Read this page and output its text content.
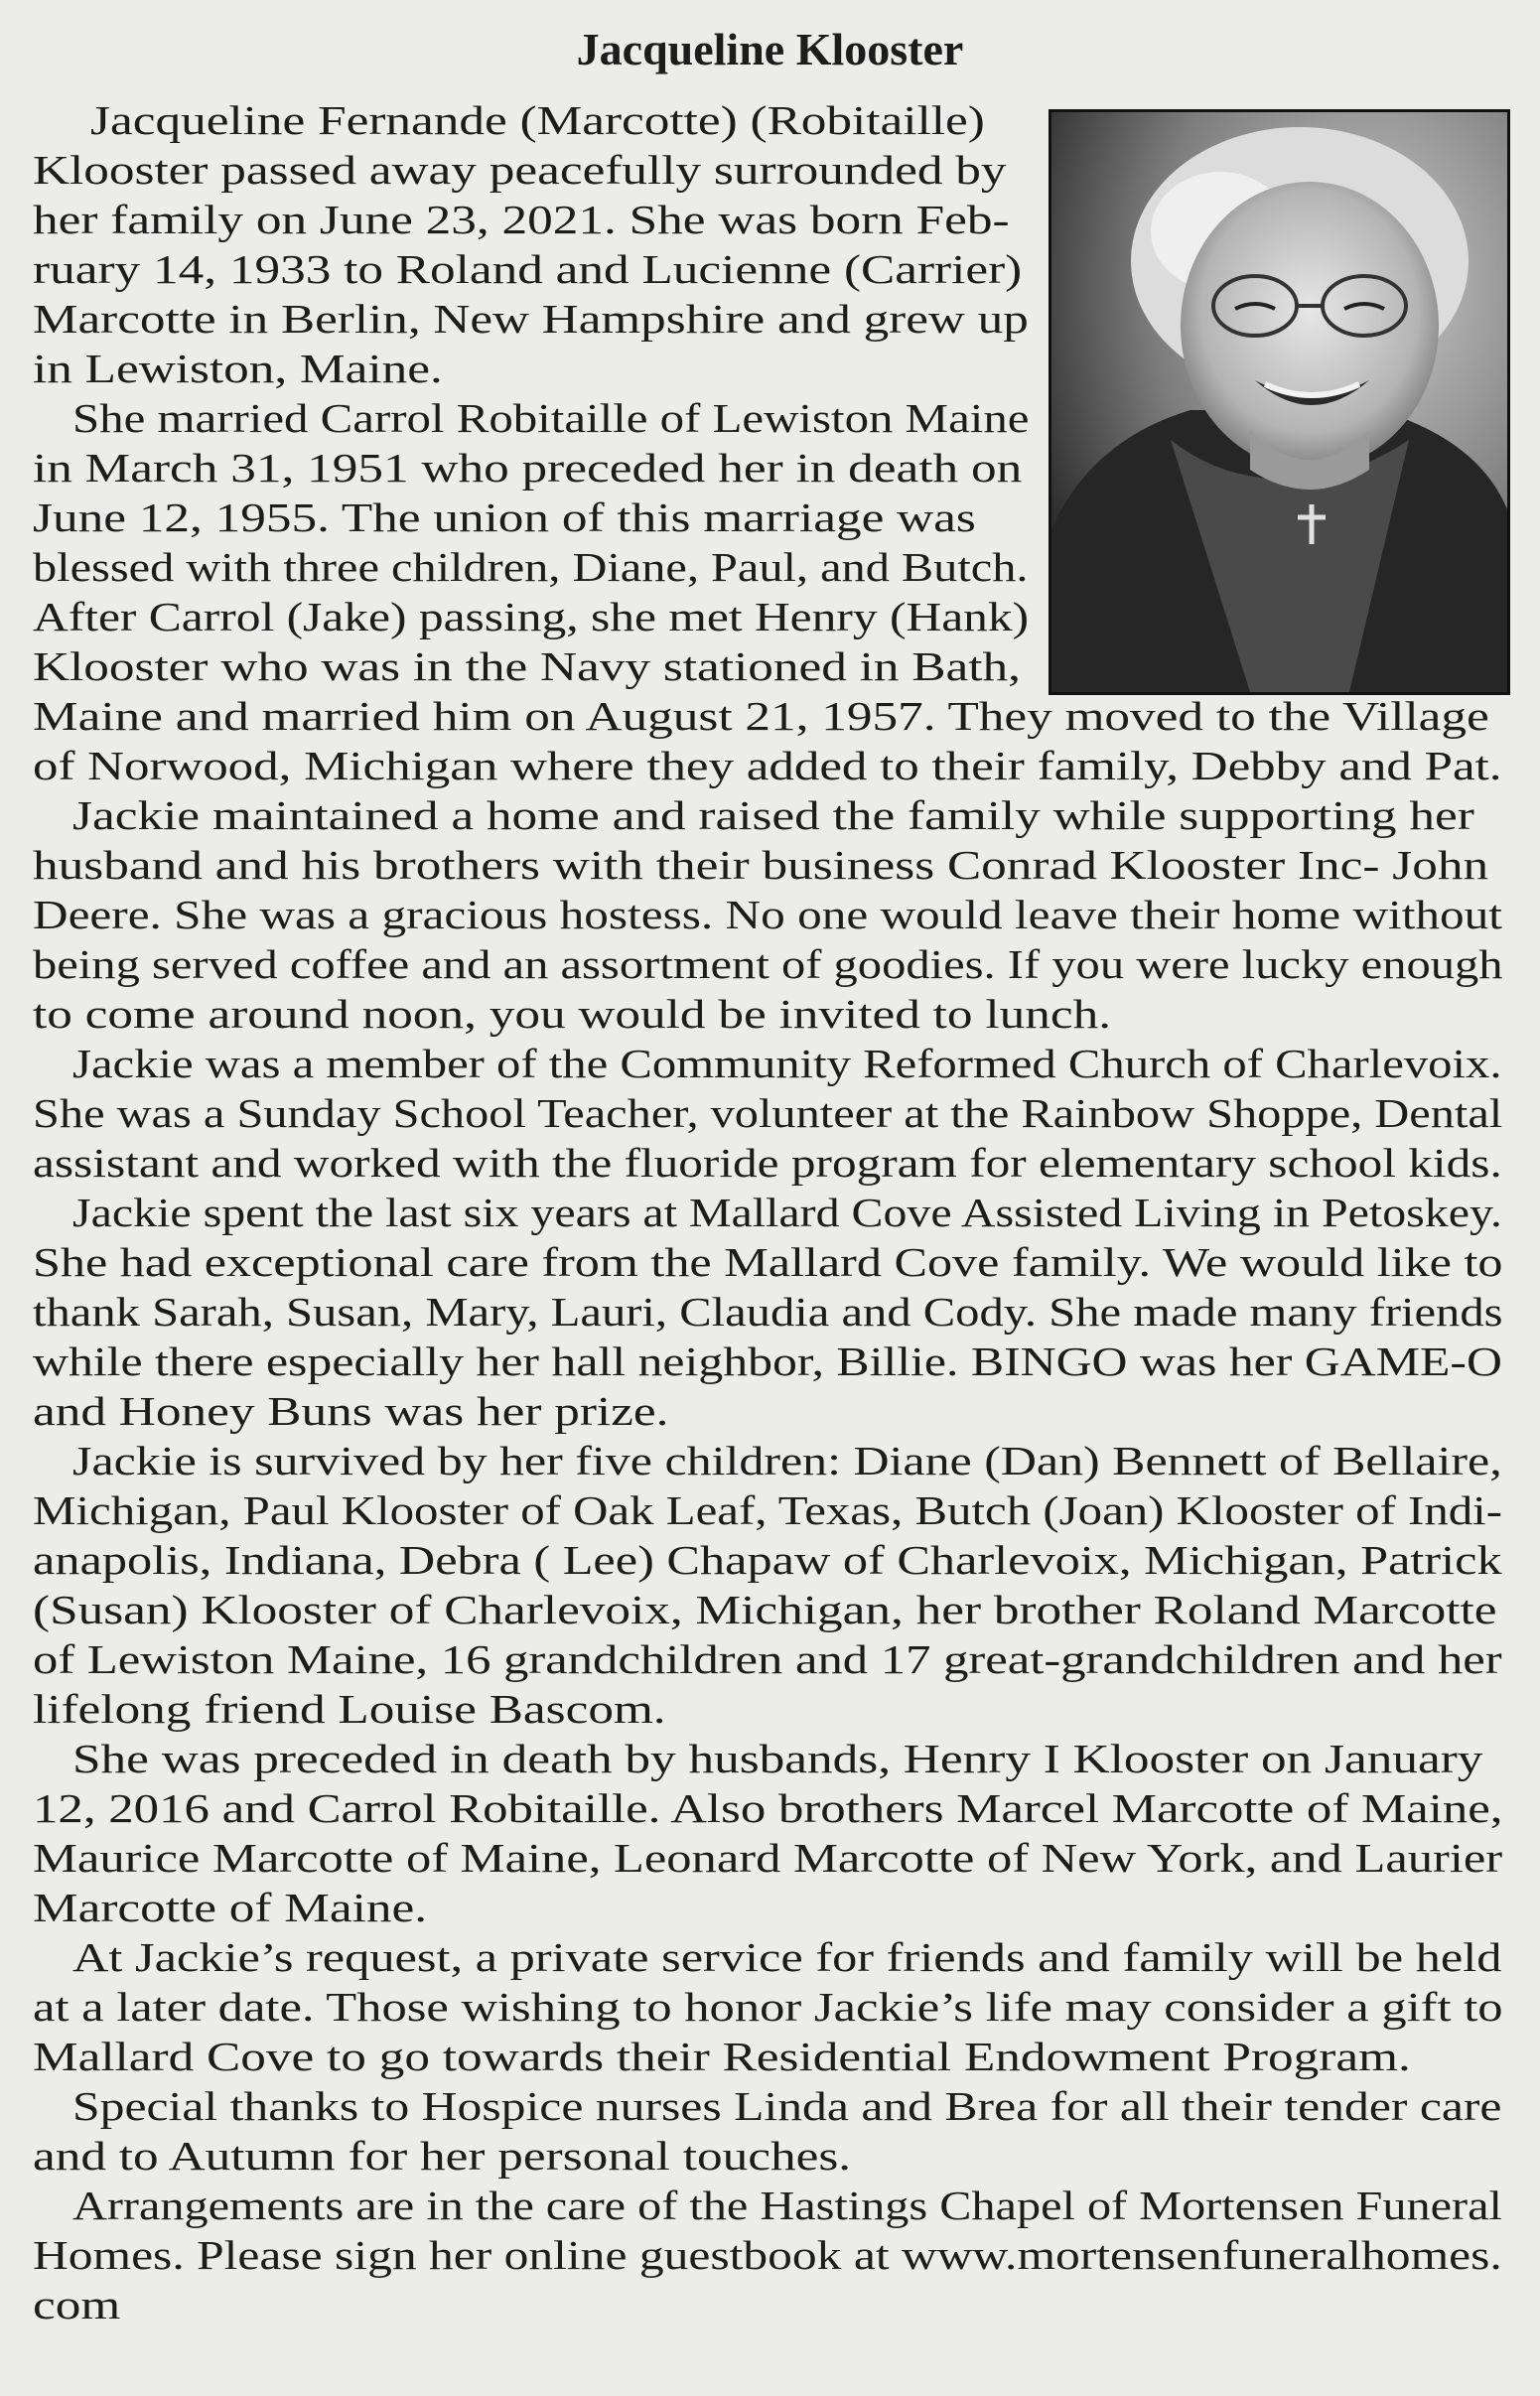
Jacqueline Klooster
Jacqueline Fernande (Marcotte) (Robitaille)
Klooster passed away peacefully surrounded by
her family on June 23, 2021. She was born Feb-
ruary 14, 1933 to Roland and Lucienne (Carrier)
Marcotte in Berlin, New Hampshire and grew up
in Lewiston, Maine.
She married Carrol Robitaille of Lewiston Maine
in March 31, 1951 who preceded her in death on
June 12, 1955. The union of this marriage was
blessed with three children, Diane, Paul, and Butch.
After Carrol (Jake) passing, she met Henry (Hank)
Klooster who was in the Navy stationed in Bath,
Maine and married him on August 21, 1957. They moved to the Village
of Norwood, Michigan where they added to their family, Debby and Pat.
Jackie maintained a home and raised the family while supporting her
husband and his brothers with their business Conrad Klooster Inc- John
Deere. She was a gracious hostess. No one would leave their home without
being served coffee and an assortment of goodies. If you were lucky enough
to come around noon, you would be invited to lunch.
Jackie was a member of the Community Reformed Church of Charlevoix.
She was a Sunday School Teacher, volunteer at the Rainbow Shoppe, Dental
assistant and worked with the fluoride program for elementary school kids.
Jackie spent the last six years at Mallard Cove Assisted Living in Petoskey.
She had exceptional care from the Mallard Cove family. We would like to
thank Sarah, Susan, Mary, Lauri, Claudia and Cody. She made many friends
while there especially her hall neighbor, Billie. BINGO was her GAME-O
and Honey Buns was her prize.
Jackie is survived by her five children: Diane (Dan) Bennett of Bellaire,
Michigan, Paul Klooster of Oak Leaf, Texas, Butch (Joan) Klooster of Indi-
anapolis, Indiana, Debra ( Lee) Chapaw of Charlevoix, Michigan, Patrick
(Susan) Klooster of Charlevoix, Michigan, her brother Roland Marcotte
of Lewiston Maine, 16 grandchildren and 17 great-grandchildren and her
lifelong friend Louise Bascom.
She was preceded in death by husbands, Henry I Klooster on January
12, 2016 and Carrol Robitaille. Also brothers Marcel Marcotte of Maine,
Maurice Marcotte of Maine, Leonard Marcotte of New York, and Laurier
Marcotte of Maine.
At Jackie’s request, a private service for friends and family will be held
at a later date. Those wishing to honor Jackie’s life may consider a gift to
Mallard Cove to go towards their Residential Endowment Program.
Special thanks to Hospice nurses Linda and Brea for all their tender care
and to Autumn for her personal touches.
Arrangements are in the care of the Hastings Chapel of Mortensen Funeral
Homes. Please sign her online guestbook at www.mortensenfuneralhomes.
com
